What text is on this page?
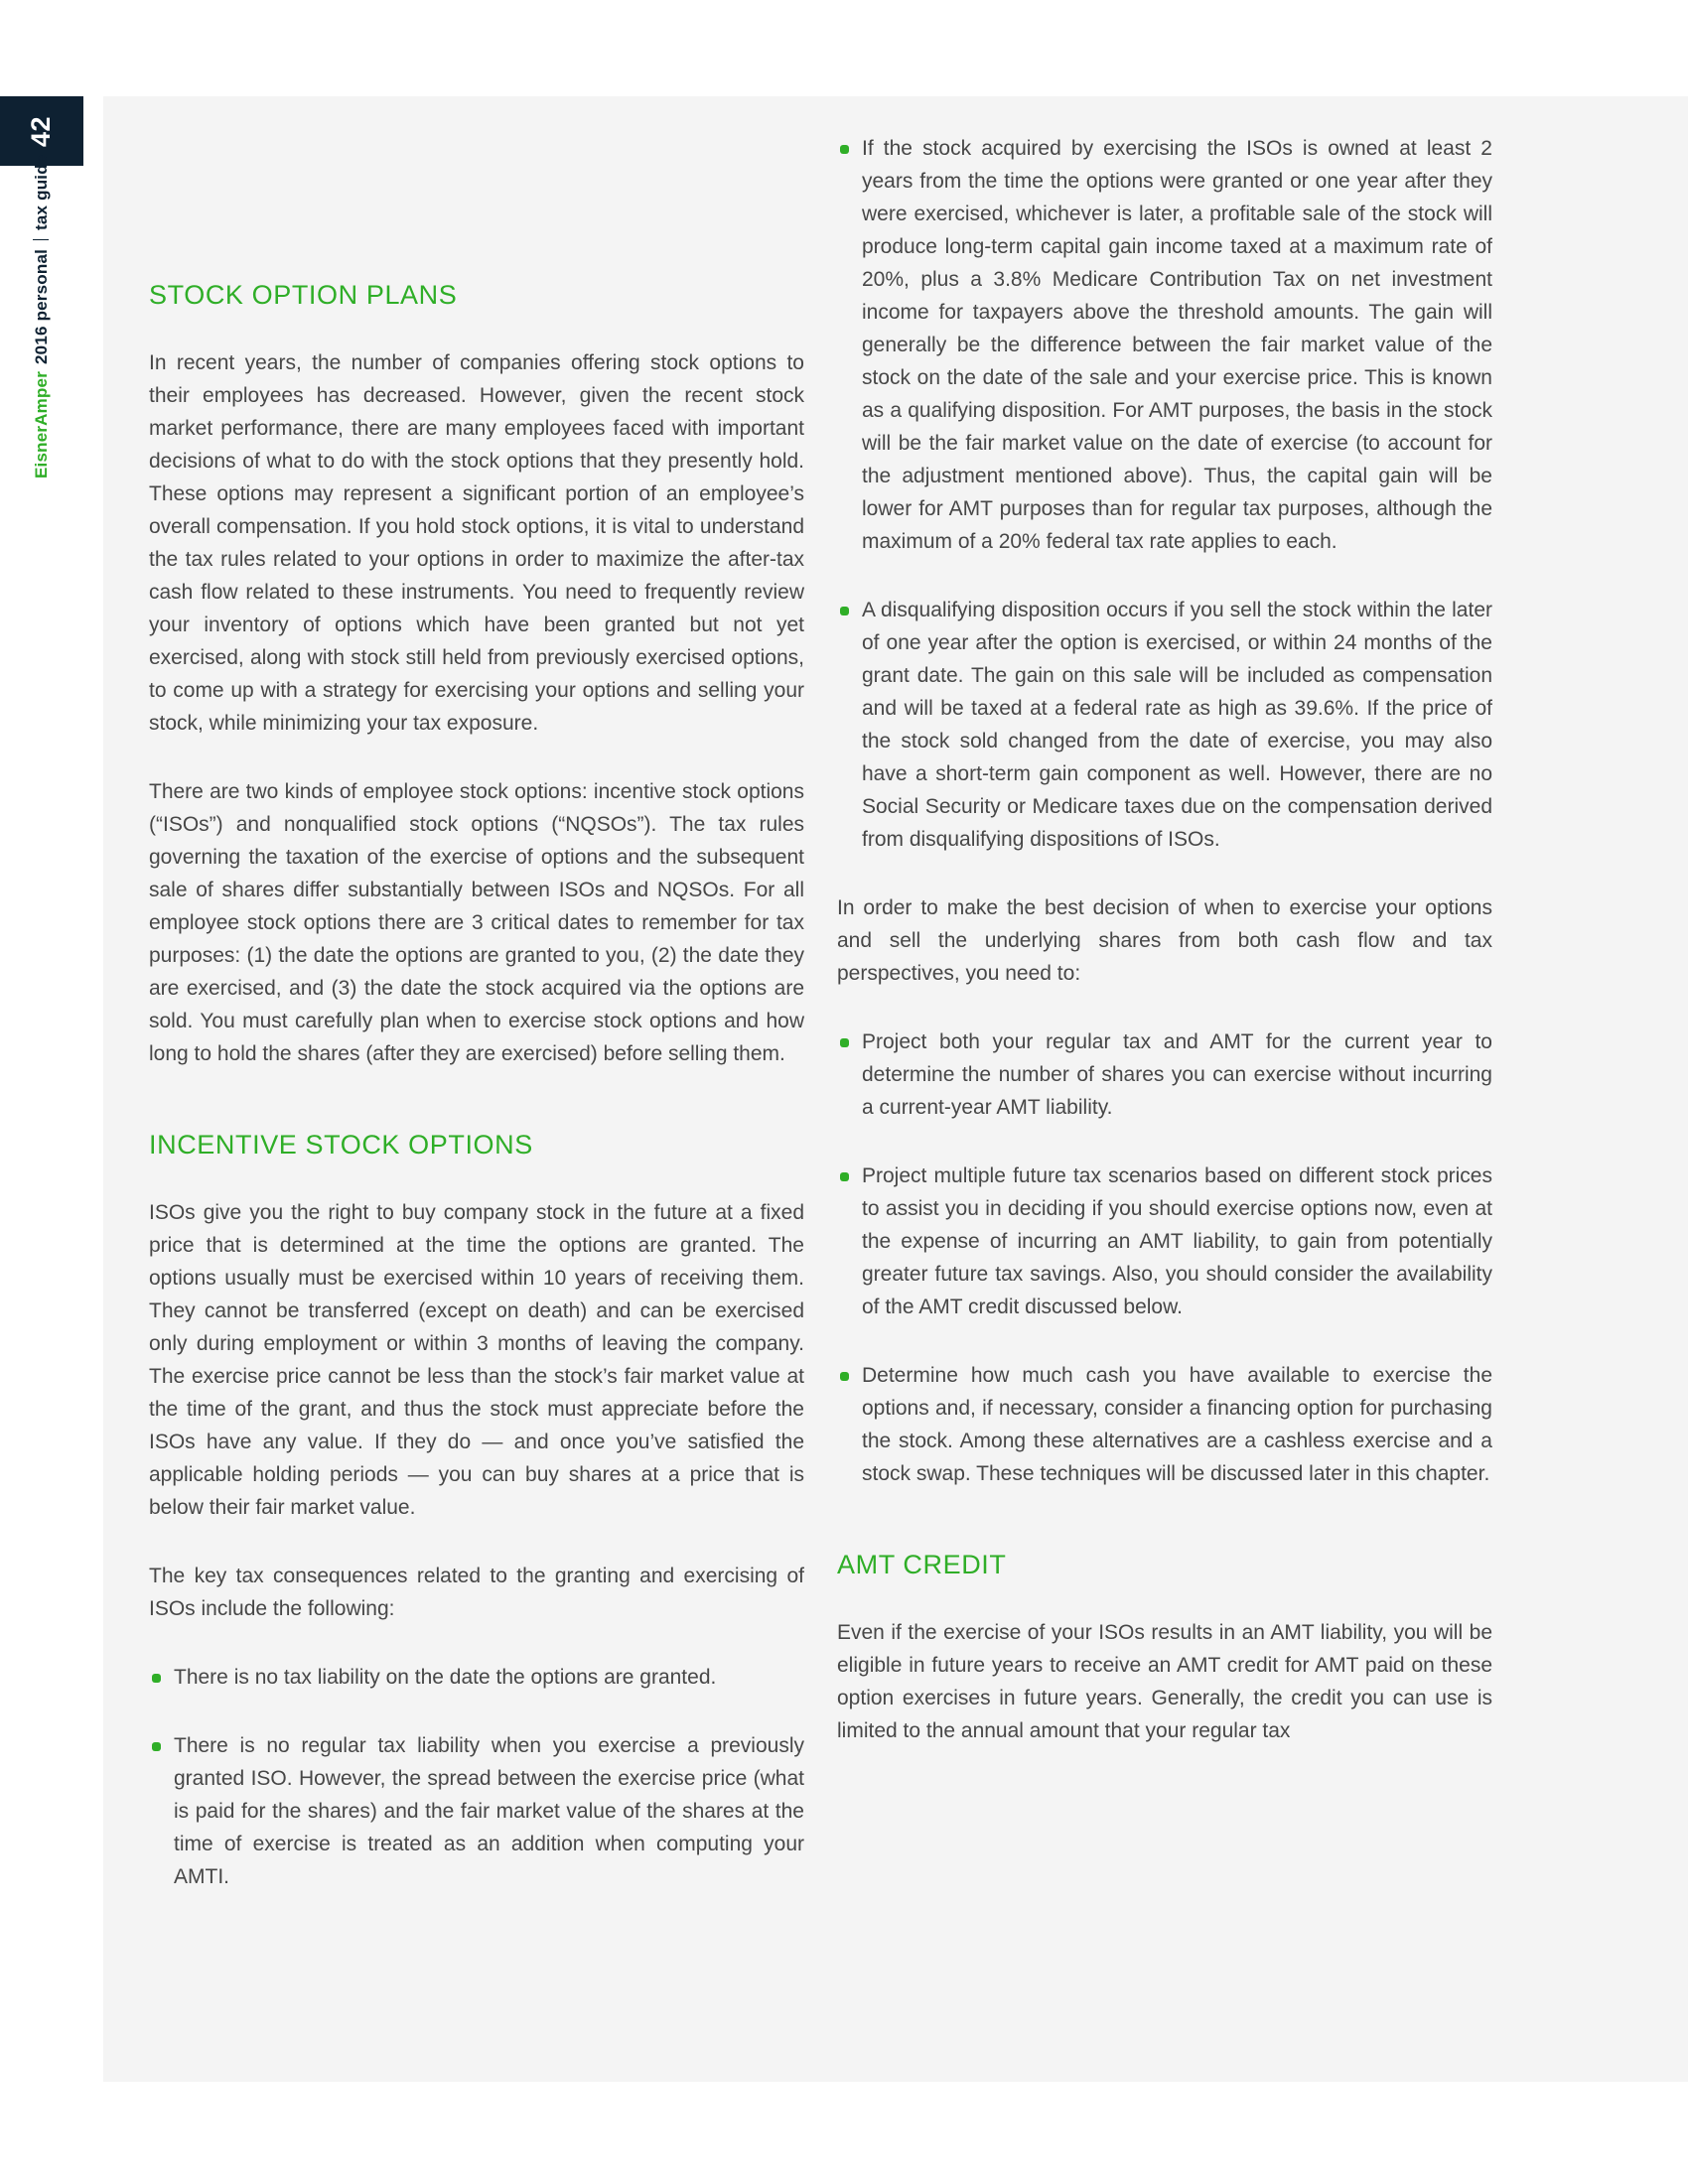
42
EisnerAmper2016 personaltax guide
STOCK OPTION PLANS

In recent years, the number of companies offering stock options to their employees has decreased. However, given the recent stock market performance, there are many employees faced with important decisions of what to do with the stock options that they presently hold. These options may represent a significant portion of an employee’s overall compensation. If you hold stock options, it is vital to understand the tax rules related to your options in order to maximize the after-tax cash flow related to these instruments. You need to frequently review your inventory of options which have been granted but not yet exercised, along with stock still held from previously exercised options, to come up with a strategy for exercising your options and selling your stock, while minimizing your tax exposure.

There are two kinds of employee stock options: incentive stock options (“ISOs”) and nonqualified stock options (“NQSOs”). The tax rules governing the taxation of the exercise of options and the subsequent sale of shares differ substantially between ISOs and NQSOs. For all employee stock options there are 3 critical dates to remember for tax purposes: (1) the date the options are granted to you, (2) the date they are exercised, and (3) the date the stock acquired via the options are sold. You must carefully plan when to exercise stock options and how long to hold the shares (after they are exercised) before selling them.

INCENTIVE STOCK OPTIONS

ISOs give you the right to buy company stock in the future at a fixed price that is determined at the time the options are granted. The options usually must be exercised within 10 years of receiving them. They cannot be transferred (except on death) and can be exercised only during employment or within 3 months of leaving the company. The exercise price cannot be less than the stock’s fair market value at the time of the grant, and thus the stock must appreciate before the ISOs have any value. If they do — and once you’ve satisfied the applicable holding periods — you can buy shares at a price that is below their fair market value.

The key tax consequences related to the granting and exercising of ISOs include the following:

There is no tax liability on the date the options are granted.
There is no regular tax liability when you exercise a previously granted ISO. However, the spread between the exercise price (what is paid for the shares) and the fair market value of the shares at the time of exercise is treated as an addition when computing your AMTI.
If the stock acquired by exercising the ISOs is owned at least 2 years from the time the options were granted or one year after they were exercised, whichever is later, a profitable sale of the stock will produce long-term capital gain income taxed at a maximum rate of 20%, plus a 3.8% Medicare Contribution Tax on net investment income for taxpayers above the threshold amounts. The gain will generally be the difference between the fair market value of the stock on the date of the sale and your exercise price. This is known as a qualifying disposition. For AMT purposes, the basis in the stock will be the fair market value on the date of exercise (to account for the adjustment mentioned above). Thus, the capital gain will be lower for AMT purposes than for regular tax purposes, although the maximum of a 20% federal tax rate applies to each.
A disqualifying disposition occurs if you sell the stock within the later of one year after the option is exercised, or within 24 months of the grant date. The gain on this sale will be included as compensation and will be taxed at a federal rate as high as 39.6%. If the price of the stock sold changed from the date of exercise, you may also have a short-term gain component as well. However, there are no Social Security or Medicare taxes due on the compensation derived from disqualifying dispositions of ISOs.

In order to make the best decision of when to exercise your options and sell the underlying shares from both cash flow and tax perspectives, you need to:

Project both your regular tax and AMT for the current year to determine the number of shares you can exercise without incurring a current-year AMT liability.
Project multiple future tax scenarios based on different stock prices to assist you in deciding if you should exercise options now, even at the expense of incurring an AMT liability, to gain from potentially greater future tax savings. Also, you should consider the availability of the AMT credit discussed below.
Determine how much cash you have available to exercise the options and, if necessary, consider a financing option for purchasing the stock. Among these alternatives are a cashless exercise and a stock swap. These techniques will be discussed later in this chapter.
AMT CREDIT

Even if the exercise of your ISOs results in an AMT liability, you will be eligible in future years to receive an AMT credit for AMT paid on these option exercises in future years. Generally, the credit you can use is limited to the annual amount that your regular tax
